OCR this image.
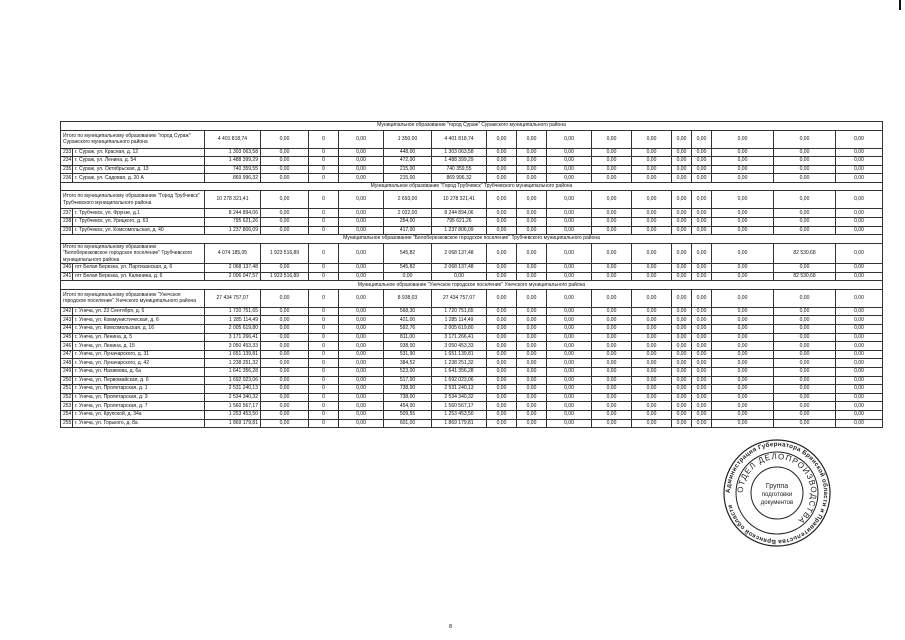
Муниципальное образование "город Сураж" Суражского муниципального района																	
Итого по муниципальному образованию "город Сураж" Суражского муниципального района		4 401 818,74	0,00	0	0,00	1 350,00	4 401 818,74	0,00	0,00	0,00	0,00	0,00	0,00	0,00	0,00	0,00	0,00
233	г. Сураж, ул. Красная, д. 12	1 303 063,58	0,00	0	0,00	448,00	1 303 063,58	0,00	0,00	0,00	0,00	0,00	0,00	0,00	0,00	0,00	0,00
234	г. Сураж, ул. Ленина, д. 54	1 488 399,29	0,00	0	0,00	472,00	1 488 399,29	0,00	0,00	0,00	0,00	0,00	0,00	0,00	0,00	0,00	0,00
235	г. Сураж, ул. Октябрьская, д. 13	740 359,55	0,00	0	0,00	215,00	740 359,55	0,00	0,00	0,00	0,00	0,00	0,00	0,00	0,00	0,00	0,00
236	г. Сураж, ул. Садовая, д. 20 А	869 996,32	0,00	0	0,00	215,00	869 996,32	0,00	0,00	0,00	0,00	0,00	0,00	0,00	0,00	0,00	0,00
Муниципальное образование "Город Трубчевск" Трубчевского муниципального района																	
Итого по муниципальному образованию "Город Трубчевск" Трубчевского муниципального района		10 278 321,41	0,00	0	0,00	2 693,00	10 278 321,41	0,00	0,00	0,00	0,00	0,00	0,00	0,00	0,00	0,00	0,00
237	г. Трубчевск, ул. Фрунзе, д.1	8 244 894,06	0,00	0	0,00	2 022,00	8 244 894,06	0,00	0,00	0,00	0,00	0,00	0,00	0,00	0,00	0,00	0,00
238	г. Трубчевск, ул. Урицкого, д. 63	795 621,26	0,00	0	0,00	254,00	795 621,26	0,00	0,00	0,00	0,00	0,00	0,00	0,00	0,00	0,00	0,00
239	г. Трубчевск, ул. Комсомольская, д. 40	1 237 806,09	0,00	0	0,00	417,00	1 237 806,09	0,00	0,00	0,00	0,00	0,00	0,00	0,00	0,00	0,00	0,00
Муниципальное образование "Белоберезковское городское поселение" Трубчевского муниципального района																	
Итого по муниципальному образованию "Белоберезковское городское поселение" Трубчевского муниципального района		4 074 185,05	1 923 516,89	0	0,00	545,82	2 068 137,48	0,00	0,00	0,00	0,00	0,00	0,00	0,00	0,00	82 530,68	0,00
240	пгт Белая Березка, ул. Партизанская, д. 6	2 068 137,48	0,00	0	0,00	545,82	2 068 137,48	0,00	0,00	0,00	0,00	0,00	0,00	0,00	0,00	0,00	0,00
241	пгт Белая Березка, ул. Калинина, д. 6	2 006 047,57	1 923 516,89	0	0,00	0,00	0,00	0,00	0,00	0,00	0,00	0,00	0,00	0,00	0,00	82 530,68	0,00
Муниципальное образование "Унечское городское поселение" Унечского муниципального района																	
Итого по муниципальному образованию "Унечское городское поселение" Унечского муниципального района		27 434 757,07	0,00	0	0,00	8 938,03	27 434 757,07	0,00	0,00	0,00	0,00	0,00	0,00	0,00	0,00	0,00	0,00
242	г. Унеча, ул. 23 Сентября, д. 6	1 720 751,65	0,00	0	0,00	568,30	1 720 751,65	0,00	0,00	0,00	0,00	0,00	0,00	0,00	0,00	0,00	0,00
243	г. Унеча, ул. Коммунистическая, д. 6	1 285 114,49	0,00	0	0,00	421,00	1 285 114,49	0,00	0,00	0,00	0,00	0,00	0,00	0,00	0,00	0,00	0,00
244	г. Унеча, ул. Комсомольская, д. 16	2 005 619,80	0,00	0	0,00	592,76	2 005 619,80	0,00	0,00	0,00	0,00	0,00	0,00	0,00	0,00	0,00	0,00
245	г. Унеча, ул. Ленина, д. 5	3 171 266,41	0,00	0	0,00	811,00	3 171 266,41	0,00	0,00	0,00	0,00	0,00	0,00	0,00	0,00	0,00	0,00
246	г. Унеча, ул. Ленина, д. 15	3 050 453,33	0,00	0	0,00	938,00	3 050 453,33	0,00	0,00	0,00	0,00	0,00	0,00	0,00	0,00	0,00	0,00
247	г. Унеча, ул. Луначарского, д. 31	1 651 139,81	0,00	0	0,00	531,90	1 651 139,81	0,00	0,00	0,00	0,00	0,00	0,00	0,00	0,00	0,00	0,00
248	г. Унеча, ул. Луначарского, д. 42	1 238 251,32	0,00	0	0,00	384,52	1 238 251,32	0,00	0,00	0,00	0,00	0,00	0,00	0,00	0,00	0,00	0,00
249	г. Унеча, ул. Нахимова, д. 6а	1 641 356,28	0,00	0	0,00	523,00	1 641 356,28	0,00	0,00	0,00	0,00	0,00	0,00	0,00	0,00	0,00	0,00
250	г. Унеча, ул. Первомайская, д. 6	1 692 023,06	0,00	0	0,00	517,00	1 692 023,06	0,00	0,00	0,00	0,00	0,00	0,00	0,00	0,00	0,00	0,00
251	г. Унеча, ул. Пролетарская, д. 1	2 531 240,13	0,00	0	0,00	738,00	2 531 240,13	0,00	0,00	0,00	0,00	0,00	0,00	0,00	0,00	0,00	0,00
252	г. Унеча, ул. Пролетарская, д. 3	2 534 340,32	0,00	0	0,00	738,00	2 534 340,32	0,00	0,00	0,00	0,00	0,00	0,00	0,00	0,00	0,00	0,00
253	г. Унеча, ул. Пролетарская, д. 7	1 560 567,17	0,00	0	0,00	454,00	1 560 567,17	0,00	0,00	0,00	0,00	0,00	0,00	0,00	0,00	0,00	0,00
254	г. Унеча, ул. Крупской, д. 34а	1 253 453,50	0,00	0	0,00	509,55	1 253 453,50	0,00	0,00	0,00	0,00	0,00	0,00	0,00	0,00	0,00	0,00
255	г. Унеча, ул. Горького, д. 8а	1 869 179,81	0,00	0	0,00	601,00	1 869 179,81	0,00	0,00	0,00	0,00	0,00	0,00	0,00	0,00	0,00	0,00
Администрация Губернатора Брянской области и Правительства Брянской области
ОТДЕЛ ДЕЛОПРОИЗВОДСТВА
Группа
подготовки
документов
8
